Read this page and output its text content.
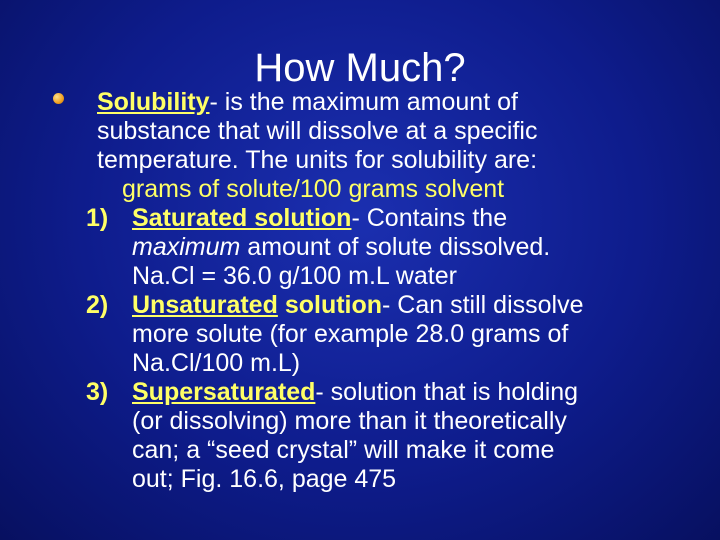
How Much?
Solubility- is the maximum amount of
substance that will dissolve at a specific
temperature. The units for solubility are:
grams of solute/100 grams solvent
1) Saturated solution- Contains the
maximum amount of solute dissolved.
Na.Cl = 36.0 g/100 m.L water
2) Unsaturated solution- Can still dissolve
more solute (for example 28.0 grams of
Na.Cl/100 m.L)
3) Supersaturated- solution that is holding
(or dissolving) more than it theoretically
can; a “seed crystal” will make it come
out; Fig. 16.6, page 475
